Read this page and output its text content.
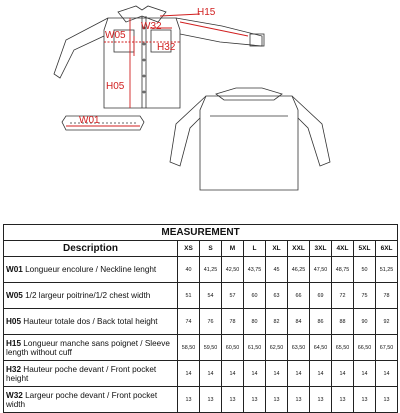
H15
W32
W05
H32
H05
W01
MEASUREMENT										
Description	XS	S	M	L	XL	XXL	3XL	4XL	5XL	6XL
W01 Longueur encolure / Neckline lenght	40	41,25	42,50	43,75	45	46,25	47,50	48,75	50	51,25
W05 1/2 largeur poitrine/1/2 chest width	51	54	57	60	63	66	69	72	75	78
H05 Hauteur totale dos / Back total height	74	76	78	80	82	84	86	88	90	92
H15 Longueur manche sans poignet / Sleeve length without cuff	58,50	59,50	60,50	61,50	62,50	63,50	64,50	65,50	66,50	67,50
H32 Hauteur poche devant / Front pocket height	14	14	14	14	14	14	14	14	14	14
W32 Largeur poche devant / Front pocket width	13	13	13	13	13	13	13	13	13	13
